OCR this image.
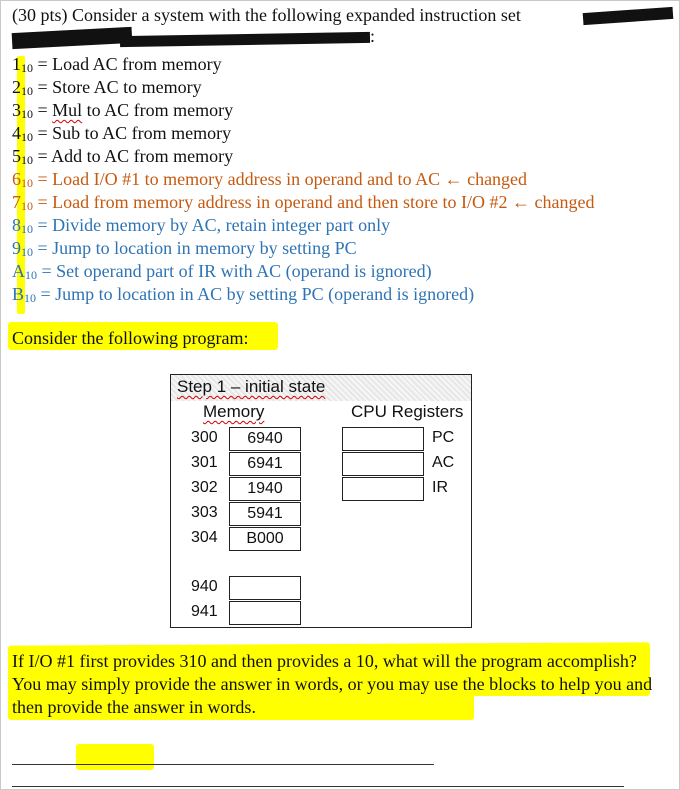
(30 pts) Consider a system with the following expanded instruction set
:
$1_{10}$ = Load AC from memory
$2_{10}$ = Store AC to memory
$3_{10}$ = Mul to AC from memory
$4_{10}$ = Sub to AC from memory
$5_{10}$ = Add to AC from memory
$6_{10}$ = Load I/O #1 to memory address in operand and to AC ← changed
$7_{10}$ = Load from memory address in operand and then store to I/O #2 ← changed
$8_{10}$ = Divide memory by AC, retain integer part only
$9_{10}$ = Jump to location in memory by setting PC
$A_{10}$ = Set operand part of IR with AC (operand is ignored)
$B_{10}$ = Jump to location in AC by setting PC (operand is ignored)
Consider the following program:
Step 1 – initial state
Memory	CPU Registers
300	6940
301	6941
302	1940
303	5941
304	B000
940
941
PC
AC
IR
If I/O #1 first provides 310 and then provides a 10, what will the program accomplish? You may simply provide the answer in words, or you may use the blocks to help you and then provide the answer in words.
